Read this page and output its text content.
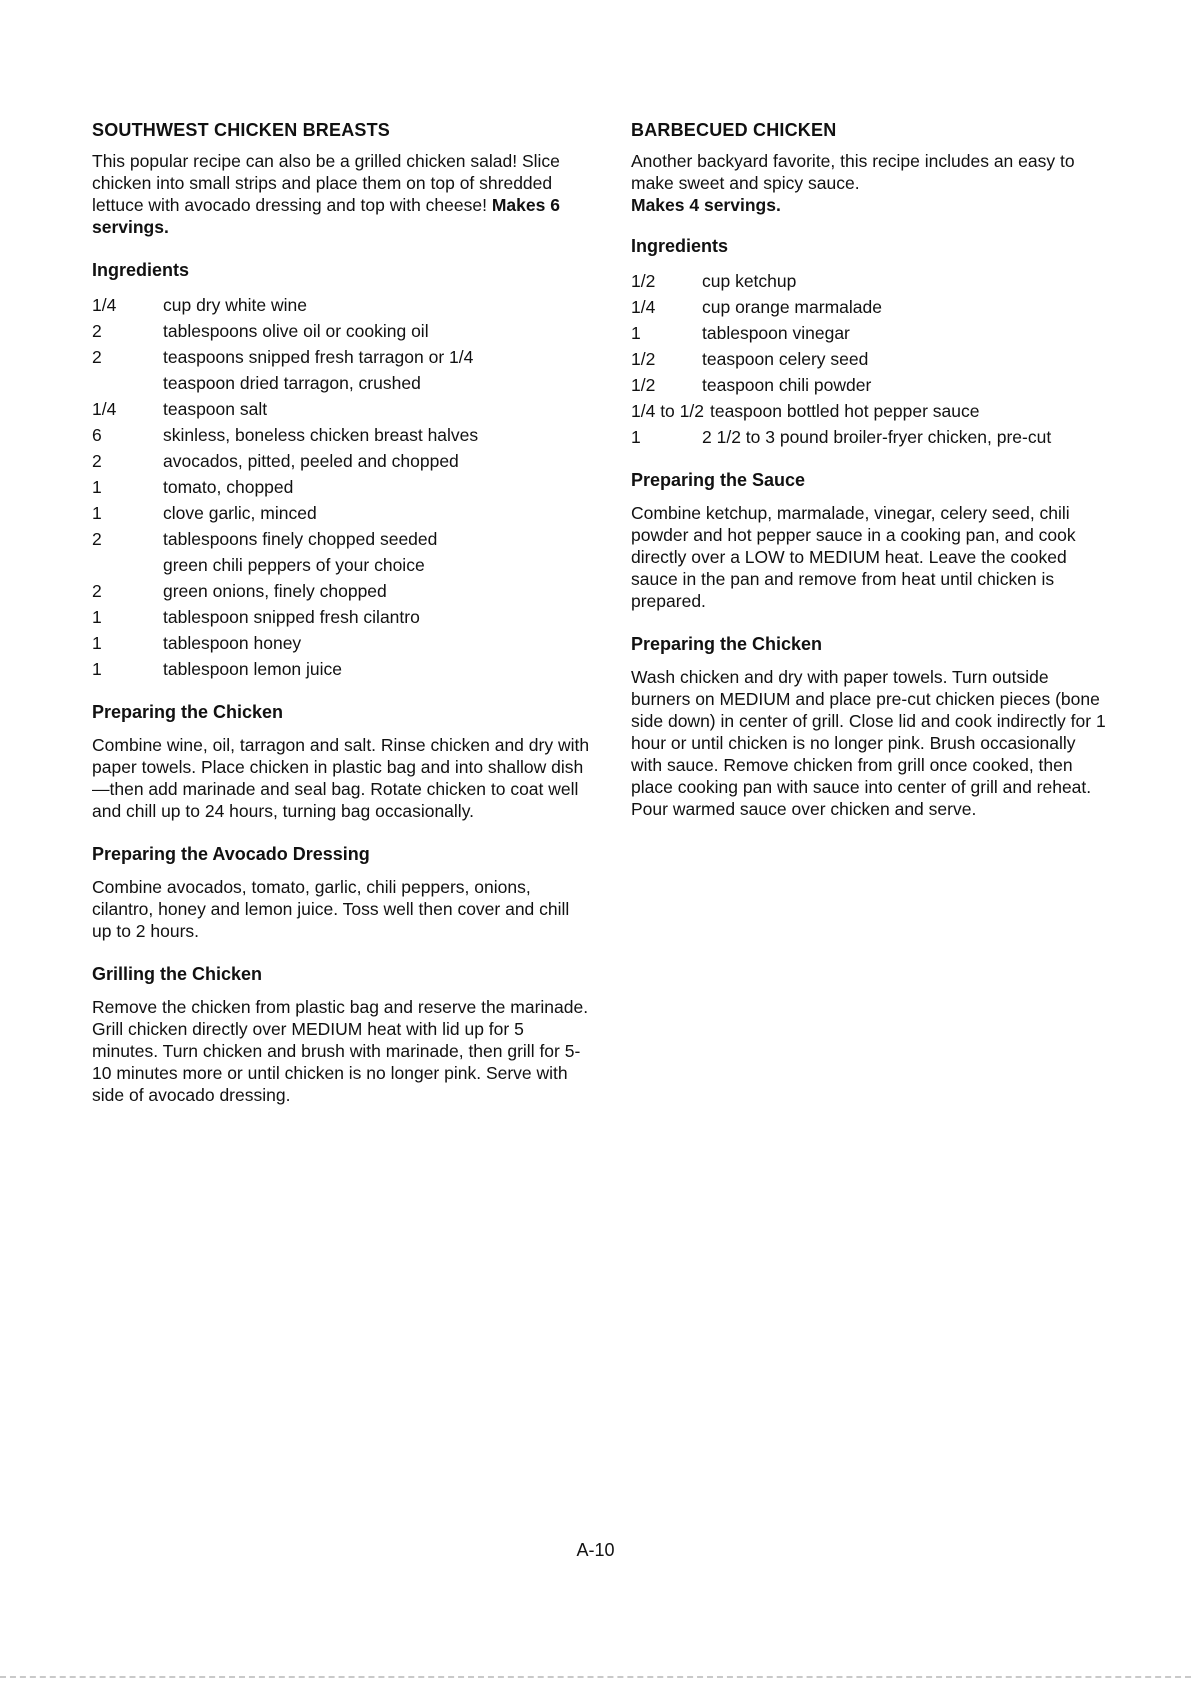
SOUTHWEST CHICKEN BREASTS

This popular recipe can also be a grilled chicken salad! Slice chicken into small strips and place them on top of shredded lettuce with avocado dressing and top with cheese! Makes 6 servings.

Ingredients
1/4	cup dry white wine
2	tablespoons olive oil or cooking oil
2	teaspoons snipped fresh tarragon or 1/4 teaspoon dried tarragon, crushed
1/4	teaspoon salt
6	skinless, boneless chicken breast halves
2	avocados, pitted, peeled and chopped
1	tomato, chopped
1	clove garlic, minced
2	tablespoons finely chopped seeded green chili peppers of your choice
2	green onions, finely chopped
1	tablespoon snipped fresh cilantro
1	tablespoon honey
1	tablespoon lemon juice
Preparing the Chicken

Combine wine, oil, tarragon and salt. Rinse chicken and dry with paper towels. Place chicken in plastic bag and into shallow dish—then add marinade and seal bag. Rotate chicken to coat well and chill up to 24 hours, turning bag occasionally.

Preparing the Avocado Dressing

Combine avocados, tomato, garlic, chili peppers, onions, cilantro, honey and lemon juice. Toss well then cover and chill up to 2 hours.

Grilling the Chicken

Remove the chicken from plastic bag and reserve the marinade. Grill chicken directly over MEDIUM heat with lid up for 5 minutes. Turn chicken and brush with marinade, then grill for 5-10 minutes more or until chicken is no longer pink. Serve with side of avocado dressing.

BARBECUED CHICKEN

Another backyard favorite, this recipe includes an easy to make sweet and spicy sauce.

Makes 4 servings.
Ingredients
1/2	cup ketchup
1/4	cup orange marmalade
1	tablespoon vinegar
1/2	teaspoon celery seed
1/2	teaspoon chili powder
1/4 to 1/2 teaspoon bottled hot pepper sauce
1	2 1/2 to 3 pound broiler-fryer chicken, pre-cut
Preparing the Sauce

Combine ketchup, marmalade, vinegar, celery seed, chili powder and hot pepper sauce in a cooking pan, and cook directly over a LOW to MEDIUM heat. Leave the cooked sauce in the pan and remove from heat until chicken is prepared.

Preparing the Chicken

Wash chicken and dry with paper towels. Turn outside burners on MEDIUM and place pre-cut chicken pieces (bone side down) in center of grill. Close lid and cook indirectly for 1 hour or until chicken is no longer pink. Brush occasionally with sauce. Remove chicken from grill once cooked, then place cooking pan with sauce into center of grill and reheat. Pour warmed sauce over chicken and serve.

A-10
